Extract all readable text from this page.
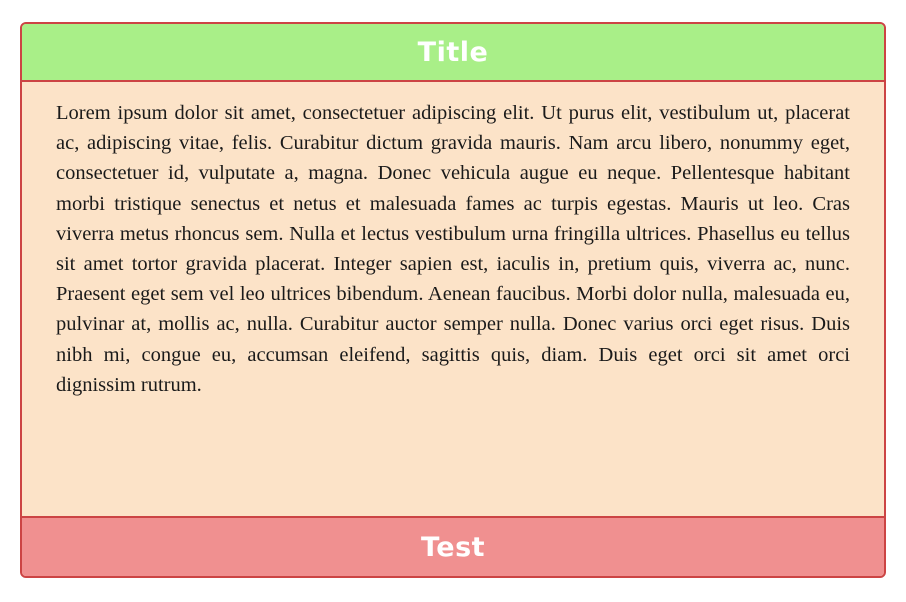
Title

Lorem ipsum dolor sit amet, consectetuer adipiscing elit. Ut purus elit, vestibulum ut, placerat ac, adipiscing vitae, felis. Curabitur dictum gravida mauris. Nam arcu libero, nonummy eget, consectetuer id, vulputate a, magna. Donec vehicula augue eu neque. Pellentesque habitant morbi tristique senectus et netus et malesuada fames ac turpis egestas. Mauris ut leo. Cras viverra metus rhoncus sem. Nulla et lectus vestibulum urna fringilla ultrices. Phasellus eu tellus sit amet tortor gravida placerat. Integer sapien est, iaculis in, pretium quis, viverra ac, nunc. Praesent eget sem vel leo ultrices bibendum. Aenean faucibus. Morbi dolor nulla, malesuada eu, pulvinar at, mollis ac, nulla. Curabitur auctor semper nulla. Donec varius orci eget risus. Duis nibh mi, congue eu, accumsan eleifend, sagittis quis, diam. Duis eget orci sit amet orci dignissim rutrum.

Test
